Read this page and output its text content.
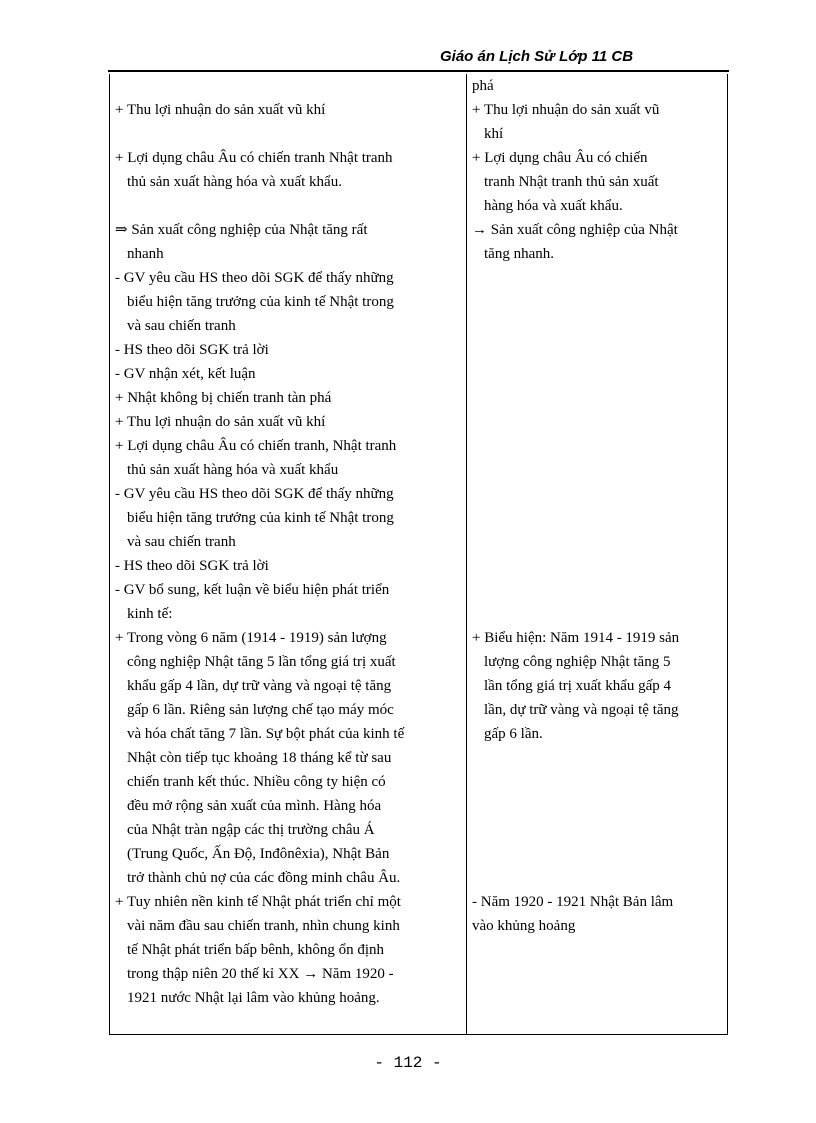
Giáo án Lịch Sử Lớp 11 CB
+ Thu lợi nhuận do sản xuất vũ khí
+ Lợi dụng châu Âu có chiến tranh Nhật tranh
thủ sản xuất hàng hóa và xuất khẩu.
⇒ Sản xuất công nghiệp của Nhật tăng rất
nhanh
- GV yêu cầu HS theo dõi SGK để thấy những
biểu hiện tăng trưởng của kinh tế Nhật trong
và sau chiến tranh
- HS theo dõi SGK trả lời
- GV nhận xét, kết luận
+ Nhật không bị chiến tranh tàn phá
+ Thu lợi nhuận do sản xuất vũ khí
+ Lợi dụng châu Âu có chiến tranh, Nhật tranh
thủ sản xuất hàng hóa và xuất khẩu
- GV yêu cầu HS theo dõi SGK để thấy những
biểu hiện tăng trưởng của kinh tế Nhật trong
và sau chiến tranh
- HS theo dõi SGK trả lời
- GV bổ sung, kết luận về biểu hiện phát triển
kinh tế:
+ Trong vòng 6 năm (1914 - 1919) sản lượng
công nghiệp Nhật tăng 5 lần tổng giá trị xuất
khẩu gấp 4 lần, dự trữ vàng và ngoại tệ tăng
gấp 6 lần. Riêng sản lượng chế tạo máy móc
và hóa chất tăng 7 lần. Sự bột phát của kinh tế
Nhật còn tiếp tục khoảng 18 tháng kể từ sau
chiến tranh kết thúc. Nhiều công ty hiện có
đều mở rộng sản xuất của mình. Hàng hóa
của Nhật tràn ngập các thị trường châu Á
(Trung Quốc, Ấn Độ, Inđônêxia), Nhật Bản
trở thành chủ nợ của các đồng minh châu Âu.
+ Tuy nhiên nền kinh tế Nhật phát triển chỉ một
vài năm đầu sau chiến tranh, nhìn chung kinh
tế Nhật phát triển bấp bênh, không ổn định
trong thập niên 20 thế kỉ XX → Năm 1920 -
1921 nước Nhật lại lâm vào khủng hoảng.
phá
+ Thu lợi nhuận do sản xuất vũ
khí
+ Lợi dụng châu Âu có chiến
tranh Nhật tranh thủ sản xuất
hàng hóa và xuất khẩu.
→ Sản xuất công nghiệp của Nhật
tăng nhanh.
+ Biểu hiện: Năm 1914 - 1919 sản
lượng công nghiệp Nhật tăng 5
lần tổng giá trị xuất khẩu gấp 4
lần, dự trữ vàng và ngoại tệ tăng
gấp 6 lần.
- Năm 1920 - 1921 Nhật Bản lâm
vào khủng hoảng
- 112 -
